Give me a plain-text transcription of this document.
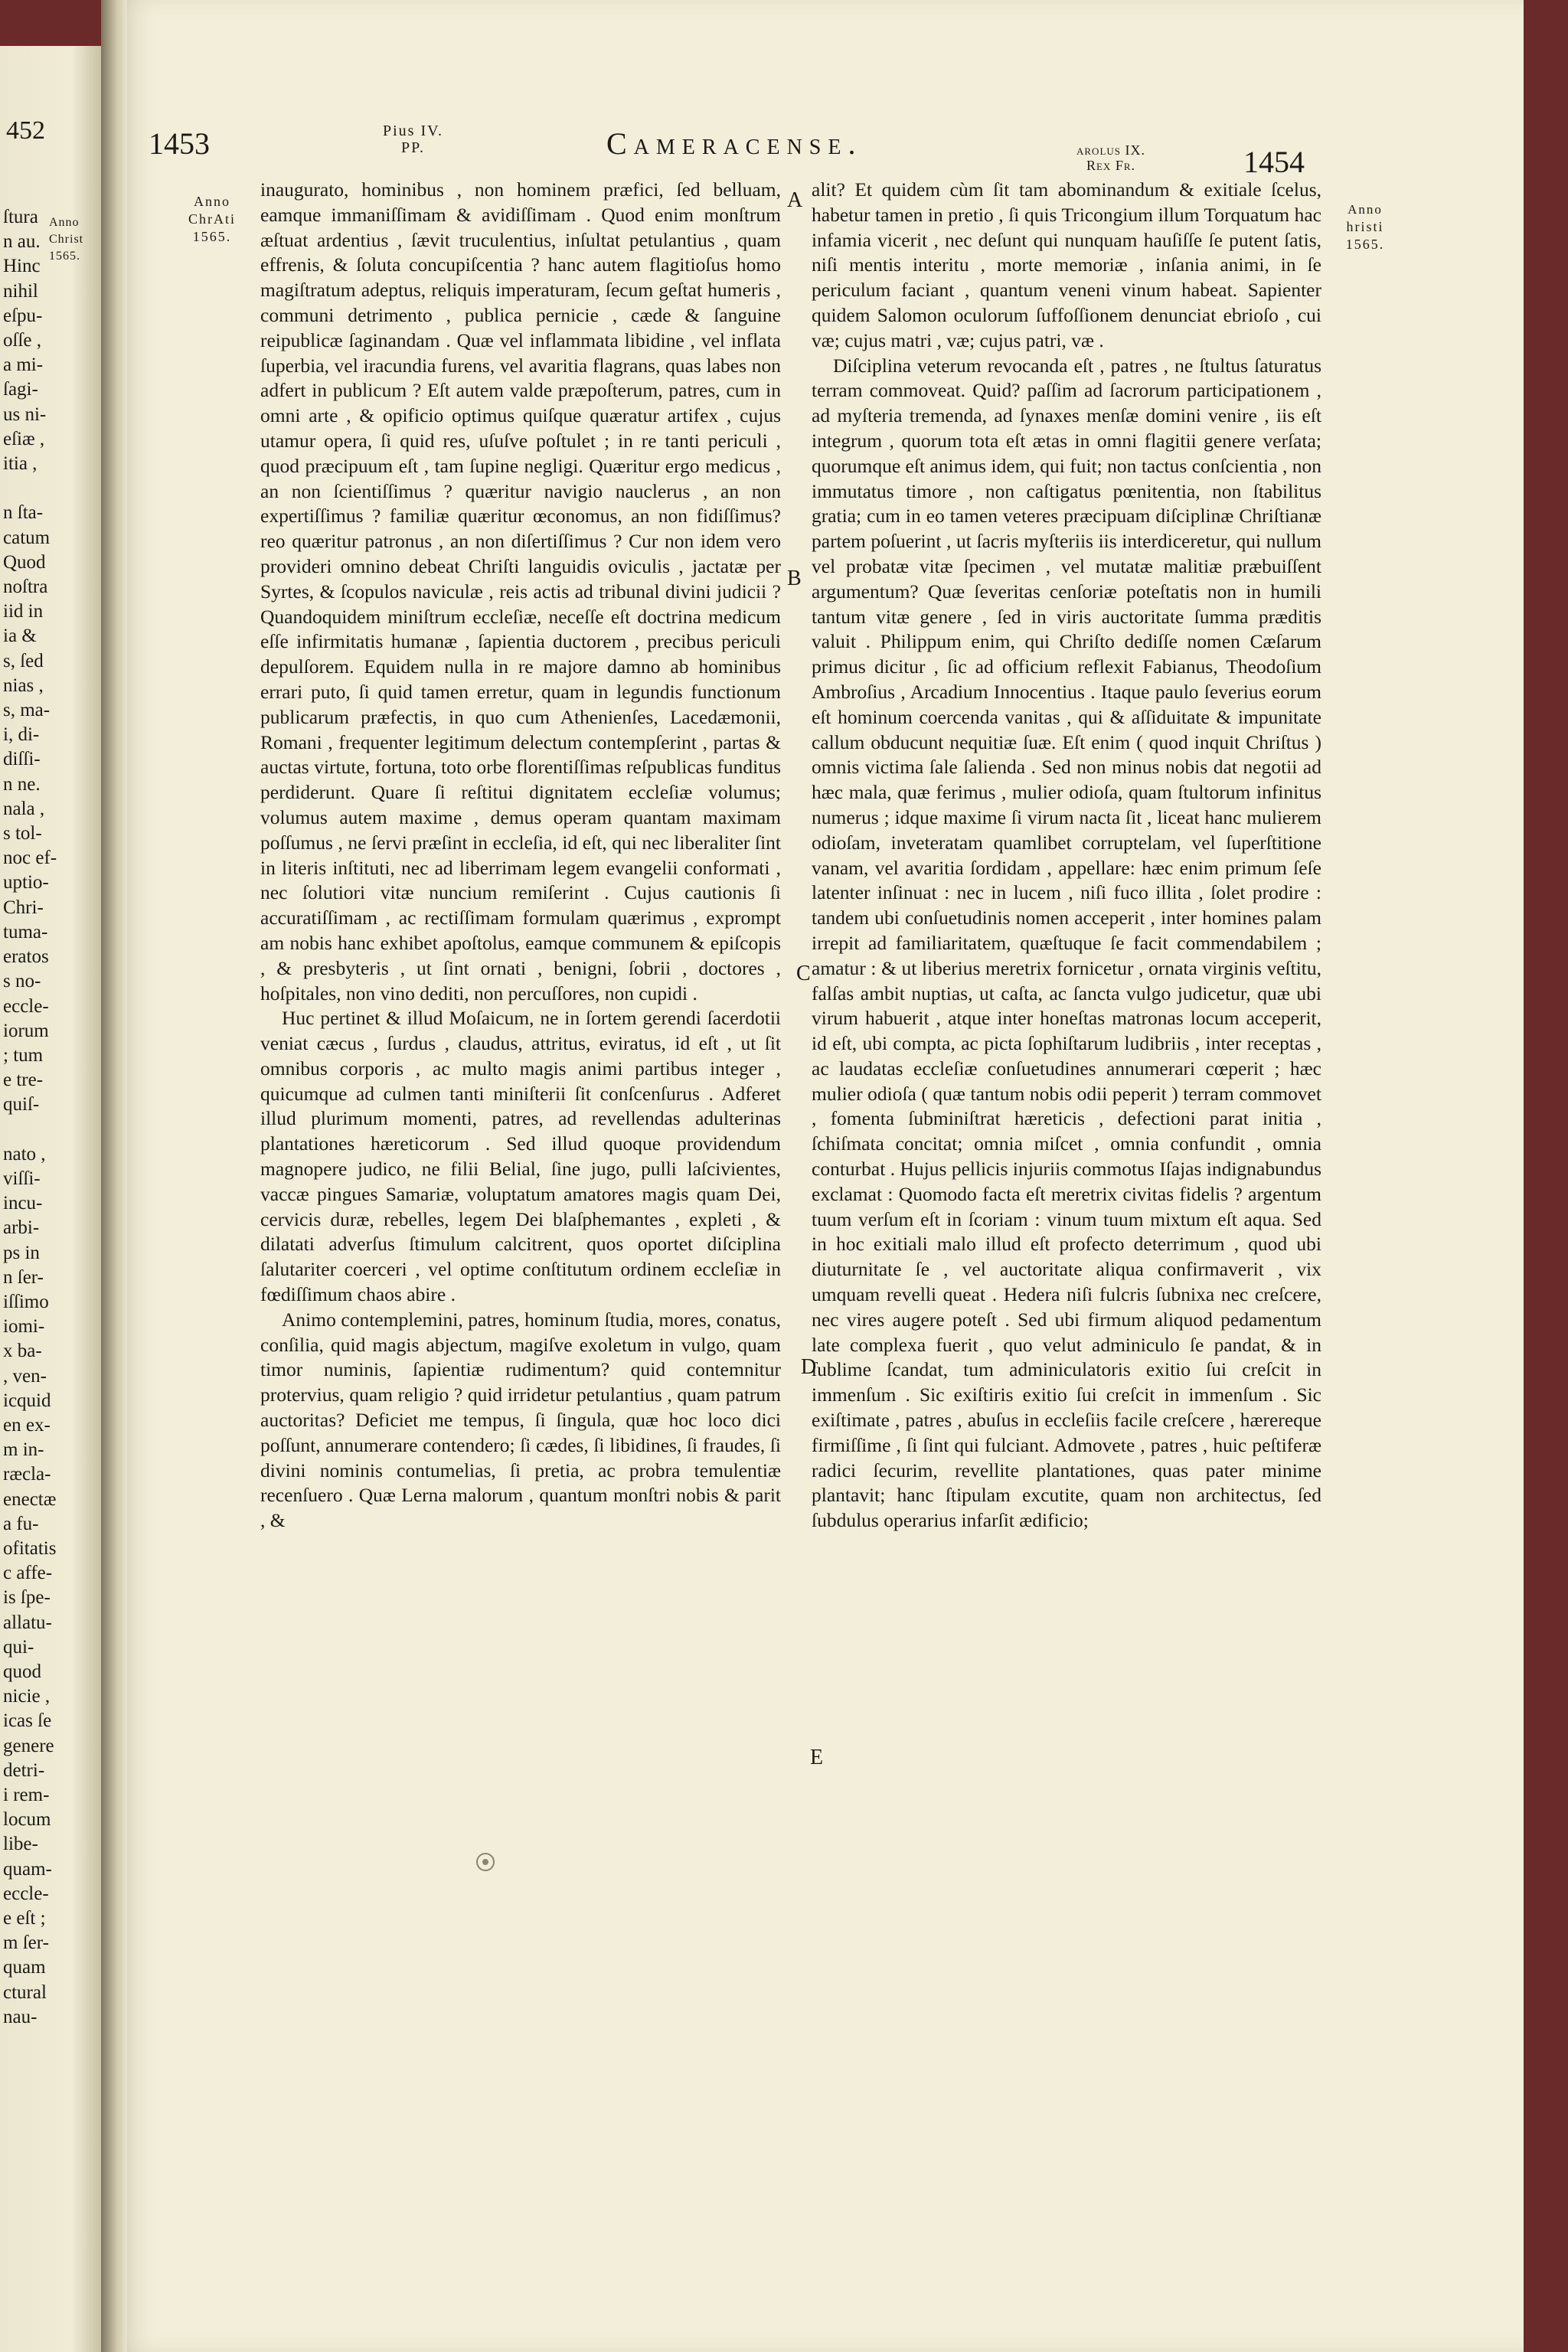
452
Anno
Christ
1565.
ſtura
n au.
Hinc
nihil
eſpu-
oſſe ,
a mi-
ſagi-
us ni-
eſiæ ,
itia ,

n ſta-
catum
Quod
noſtra
iid in
ia &
s, ſed
nias ,
s, ma-
i, di-
diſſi-
n ne.
nala ,
s tol-
noc ef-
uptio-
Chri-
tuma-
eratos
s no-
eccle-
iorum
; tum
e tre-
quiſ-

nato ,
viſſi-
incu-
arbi-
ps in
n ſer-
iſſimo
iomi-
x ba-
, ven-
icquid
en ex-
m in-
ræcla-
enectæ
a fu-
ofitatis
c affe-
is ſpe-
allatu-
qui-
quod
nicie ,
icas ſe
genere
detri-
i rem-
locum
libe-
quam-
eccle-
e eſt ;
m ſer-
quam
ctural
nau-
1453	Pius IV.
PP.	Cameracense.	arolus IX.
Rex Fr.	1454
Anno
ChrAti
1565.
Anno
hristi
1565.

inaugurato, hominibus , non hominem præfici, ſed belluam, eamque immaniſſimam & avidiſſimam . Quod enim monſtrum æſtuat ardentius , ſævit truculentius, inſultat petulantius , quam effrenis, & ſoluta concupiſcentia ? hanc autem flagitioſus homo magiſtratum adeptus, reliquis imperaturam, ſecum geſtat humeris , communi detrimento , publica pernicie , cæde & ſanguine reipublicæ ſaginandam . Quæ vel inflammata libidine , vel inflata ſuperbia, vel iracundia furens, vel avaritia flagrans, quas labes non adfert in publicum ? Eſt autem valde præpoſterum, patres, cum in omni arte , & opificio optimus quiſque quæratur artifex , cujus utamur opera, ſi quid res, uſuſve poſtulet ; in re tanti periculi , quod præcipuum eſt , tam ſupine negligi. Quæritur ergo medicus , an non ſcientiſſimus ? quæritur navigio nauclerus , an non expertiſſimus ? familiæ quæritur œconomus, an non fidiſſimus? reo quæritur patronus , an non diſertiſſimus ? Cur non idem vero provideri omnino debeat Chriſti languidis oviculis , jactatæ per Syrtes, & ſcopulos naviculæ , reis actis ad tribunal divini judicii ? Quandoquidem miniſtrum eccleſiæ, neceſſe eſt doctrina medicum eſſe infirmitatis humanæ , ſapientia ductorem , precibus periculi depulſorem. Equidem nulla in re majore damno ab hominibus errari puto, ſi quid tamen erretur, quam in legundis functionum publicarum præfectis, in quo cum Athenienſes, Lacedæmonii, Romani , frequenter legitimum delectum contempſerint , partas & auctas virtute, fortuna, toto orbe florentiſſimas reſpublicas funditus perdiderunt. Quare ſi reſtitui dignitatem eccleſiæ volumus; volumus autem maxime , demus operam quantam maximam poſſumus , ne ſervi præſint in eccleſia, id eſt, qui nec liberaliter ſint in literis inſtituti, nec ad liberrimam legem evangelii conformati , nec ſolutiori vitæ nuncium remiſerint . Cujus cautionis ſi accuratiſſimam , ac rectiſſimam formulam quærimus , exprompt am nobis hanc exhibet apoſtolus, eamque communem & epiſcopis , & presbyteris , ut ſint ornati , benigni, ſobrii , doctores , hoſpitales, non vino dediti, non percuſſores, non cupidi .

Huc pertinet & illud Moſaicum, ne in ſortem gerendi ſacerdotii veniat cæcus , ſurdus , claudus, attritus, eviratus, id eſt , ut ſit omnibus corporis , ac multo magis animi partibus integer , quicumque ad culmen tanti miniſterii ſit conſcenſurus . Adferet illud plurimum momenti, patres, ad revellendas adulterinas plantationes hæreticorum . Sed illud quoque providendum magnopere judico, ne filii Belial, ſine jugo, pulli laſcivientes, vaccæ pingues Samariæ, voluptatum amatores magis quam Dei, cervicis duræ, rebelles, legem Dei blaſphemantes , expleti , & dilatati adverſus ſtimulum calcitrent, quos oportet diſciplina ſalutariter coerceri , vel optime conſtitutum ordinem eccleſiæ in fœdiſſimum chaos abire .

Animo contemplemini, patres, hominum ſtudia, mores, conatus, conſilia, quid magis abjectum, magiſve exoletum in vulgo, quam timor numinis, ſapientiæ rudimentum? quid contemnitur protervius, quam religio ? quid irridetur petulantius , quam patrum auctoritas? Deficiet me tempus, ſi ſingula, quæ hoc loco dici poſſunt, annumerare contendero; ſi cædes, ſi libidines, ſi fraudes, ſi divini nominis contumelias, ſi pretia, ac probra temulentiæ recenſuero . Quæ Lerna malorum , quantum monſtri nobis & parit , &

alit? Et quidem cùm ſit tam abominandum & exitiale ſcelus, habetur tamen in pretio , ſi quis Tricongium illum Torquatum hac infamia vicerit , nec deſunt qui nunquam hauſiſſe ſe putent ſatis, niſi mentis interitu , morte memoriæ , inſania animi, in ſe periculum faciant , quantum veneni vinum habeat. Sapienter quidem Salomon oculorum ſuffoſſionem denunciat ebrioſo , cui væ; cujus matri , væ; cujus patri, væ .

Diſciplina veterum revocanda eſt , patres , ne ſtultus ſaturatus terram commoveat. Quid? paſſim ad ſacrorum participationem , ad myſteria tremenda, ad ſynaxes menſæ domini venire , iis eſt integrum , quorum tota eſt ætas in omni flagitii genere verſata; quorumque eſt animus idem, qui fuit; non tactus conſcientia , non immutatus timore , non caſtigatus pœnitentia, non ſtabilitus gratia; cum in eo tamen veteres præcipuam diſciplinæ Chriſtianæ partem poſuerint , ut ſacris myſteriis iis interdiceretur, qui nullum vel probatæ vitæ ſpecimen , vel mutatæ malitiæ præbuiſſent argumentum? Quæ ſeveritas cenſoriæ poteſtatis non in humili tantum vitæ genere , ſed in viris auctoritate ſumma præditis valuit . Philippum enim, qui Chriſto dediſſe nomen Cæſarum primus dicitur , ſic ad officium reflexit Fabianus, Theodoſium Ambroſius , Arcadium Innocentius . Itaque paulo ſeverius eorum eſt hominum coercenda vanitas , qui & aſſiduitate & impunitate callum obducunt nequitiæ ſuæ. Eſt enim ( quod inquit Chriſtus ) omnis victima ſale ſalienda . Sed non minus nobis dat negotii ad hæc mala, quæ ferimus , mulier odioſa, quam ſtultorum infinitus numerus ; idque maxime ſi virum nacta ſit , liceat hanc mulierem odioſam, inveteratam quamlibet corruptelam, vel ſuperſtitione vanam, vel avaritia ſordidam , appellare: hæc enim primum ſeſe latenter inſinuat : nec in lucem , niſi fuco illita , ſolet prodire : tandem ubi conſuetudinis nomen acceperit , inter homines palam irrepit ad familiaritatem, quæſtuque ſe facit commendabilem ; amatur : & ut liberius meretrix fornicetur , ornata virginis veſtitu, falſas ambit nuptias, ut caſta, ac ſancta vulgo judicetur, quæ ubi virum habuerit , atque inter honeſtas matronas locum acceperit, id eſt, ubi compta, ac picta ſophiſtarum ludibriis , inter receptas , ac laudatas eccleſiæ conſuetudines annumerari cœperit ; hæc mulier odioſa ( quæ tantum nobis odii peperit ) terram commovet , fomenta ſubminiſtrat hæreticis , defectioni parat initia , ſchiſmata concitat; omnia miſcet , omnia confundit , omnia conturbat . Hujus pellicis injuriis commotus Iſajas indignabundus exclamat : Quomodo facta eſt meretrix civitas fidelis ? argentum tuum verſum eſt in ſcoriam : vinum tuum mixtum eſt aqua. Sed in hoc exitiali malo illud eſt profecto deterrimum , quod ubi diuturnitate ſe , vel auctoritate aliqua confirmaverit , vix umquam revelli queat . Hedera niſi fulcris ſubnixa nec creſcere, nec vires augere poteſt . Sed ubi firmum aliquod pedamentum late complexa fuerit , quo velut adminiculo ſe pandat, & in ſublime ſcandat, tum adminiculatoris exitio ſui creſcit in immenſum . Sic exiſtiris exitio ſui creſcit in immenſum . Sic exiſtimate , patres , abuſus in eccleſiis facile creſcere , hærereque firmiſſime , ſi ſint qui fulciant. Admovete , patres , huic peſtiferæ radici ſecurim, revellite plantationes, quas pater minime plantavit; hanc ſtipulam excutite, quam non architectus, ſed ſubdulus operarius infarſit ædificio;

A
B
C
D
E
